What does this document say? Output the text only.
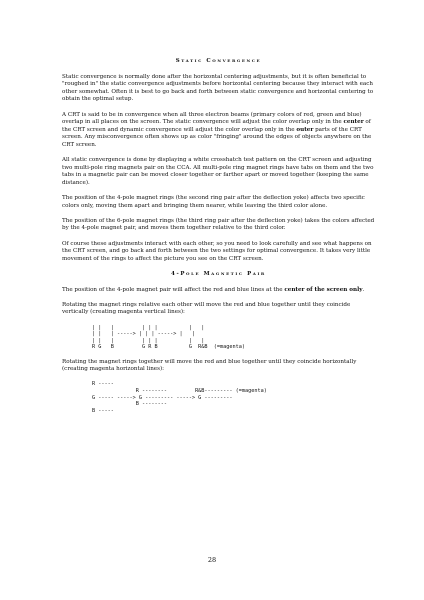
Static Convergence

Static convergence is normally done after the horizontal centering adjustments, but it is often beneficial to "roughed in" the static convergence adjustments before horizontal centering because they interact with each other somewhat. Often it is best to go back and forth between static convergence and horizontal centering to obtain the optimal setup.

A CRT is said to be in convergence when all three electron beams (primary colors of red, green and blue) overlap in all places on the screen. The static convergence will adjust the color overlap only in the center of the CRT screen and dynamic convergence will adjust the color overlap only in the outer parts of the CRT screen. Any misconvergence often shows up as color "fringing" around the edges of objects anywhere on the CRT screen.

All static convergence is done by displaying a white crosshatch test pattern on the CRT screen and adjusting two multi-pole ring magnets pair on the CCA. All multi-pole ring magnet rings have tabs on them and the two tabs in a magnetic pair can be moved closer together or farther apart or moved together (keeping the same distance).

The position of the 4-pole magnet rings (the second ring pair after the deflection yoke) affects two specific colors only, moving them apart and bringing them nearer, while leaving the third color alone.

The position of the 6-pole magnet rings (the third ring pair after the deflection yoke) takes the colors affected by the 4-pole magnet pair, and moves them together relative to the third color.

Of course these adjustments interact with each other, so you need to look carefully and see what happens on the CRT screen, and go back and forth between the two settings for optimal convergence. It takes very little movement of the rings to affect the picture you see on the CRT screen.

4-Pole Magnetic Pair

The position of the 4-pole magnet pair will affect the red and blue lines at the center of the screen only.

Rotating the magnet rings relative each other will move the red and blue together until they coincide vertically (creating magenta vertical lines):

| |   |         | | |          |   |
| |   | -----> | | | -----> |   |
| |   |         | | |          |   |
R G   B         G R B          G  R&B  (=magenta)

Rotating the magnet rings together will move the red and blue together until they coincide horizontally (creating magenta horizontal lines):

R -----
R --------         R&B--------- (=magenta)
G ----- -----> G --------- -----> G ---------
B --------
B -----
28
